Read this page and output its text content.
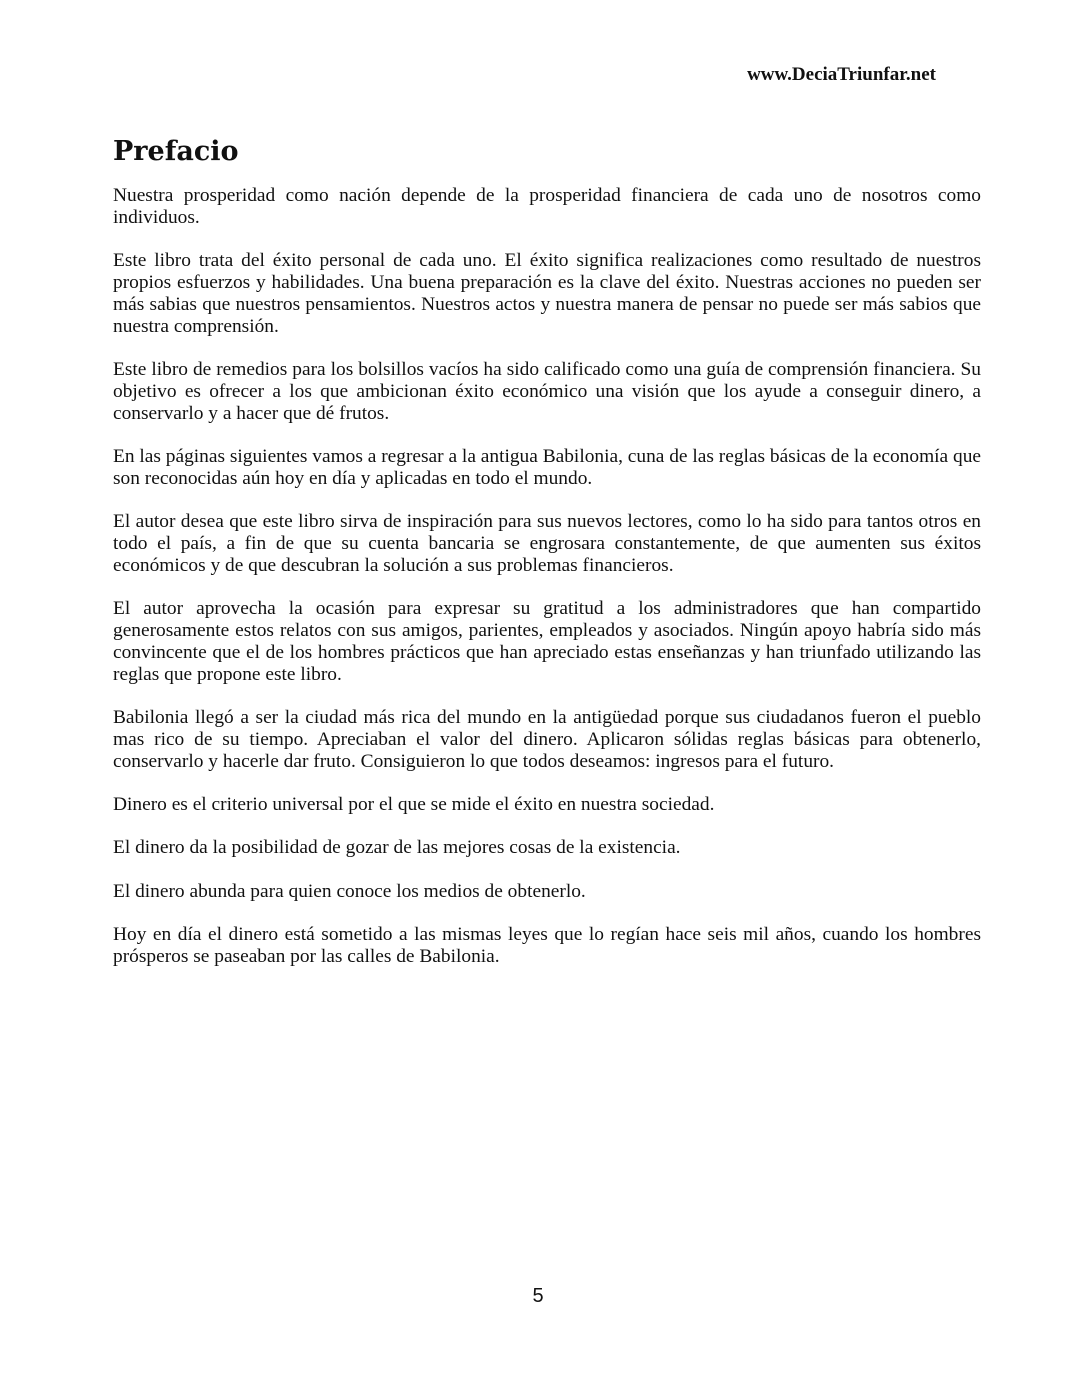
www.DeciaTriunfar.net
Prefacio

Nuestra prosperidad como nación depende de la prosperidad financiera de cada uno de nosotros como individuos.

Este libro trata del éxito personal de cada uno. El éxito significa realizaciones como resultado de nuestros propios esfuerzos y habilidades. Una buena preparación es la clave del éxito. Nuestras acciones no pueden ser más sabias que nuestros pensamientos. Nuestros actos y nuestra manera de pensar no puede ser más sabios que nuestra comprensión.

Este libro de remedios para los bolsillos vacíos ha sido calificado como una guía de comprensión financiera. Su objetivo es ofrecer a los que ambicionan éxito económico una visión que los ayude a conseguir dinero, a conservarlo y a hacer que dé frutos.

En las páginas siguientes vamos a regresar a la antigua Babilonia, cuna de las reglas básicas de la economía que son reconocidas aún hoy en día y aplicadas en todo el mundo.

El autor desea que este libro sirva de inspiración para sus nuevos lectores, como lo ha sido para tantos otros en todo el país, a fin de que su cuenta bancaria se engrosara constantemente, de que aumenten sus éxitos económicos y de que descubran la solución a sus problemas financieros.

El autor aprovecha la ocasión para expresar su gratitud a los administradores que han compartido generosamente estos relatos con sus amigos, parientes, empleados y asociados. Ningún apoyo habría sido más convincente que el de los hombres prácticos que han apreciado estas enseñanzas y han triunfado utilizando las reglas que propone este libro.

Babilonia llegó a ser la ciudad más rica del mundo en la antigüedad porque sus ciudadanos fueron el pueblo mas rico de su tiempo. Apreciaban el valor del dinero. Aplicaron sólidas reglas básicas para obtenerlo, conservarlo y hacerle dar fruto. Consiguieron lo que todos deseamos: ingresos para el futuro.

Dinero es el criterio universal por el que se mide el éxito en nuestra sociedad.

El dinero da la posibilidad de gozar de las mejores cosas de la existencia.

El dinero abunda para quien conoce los medios de obtenerlo.

Hoy en día el dinero está sometido a las mismas leyes que lo regían hace seis mil años, cuando los hombres prósperos se paseaban por las calles de Babilonia.

5
